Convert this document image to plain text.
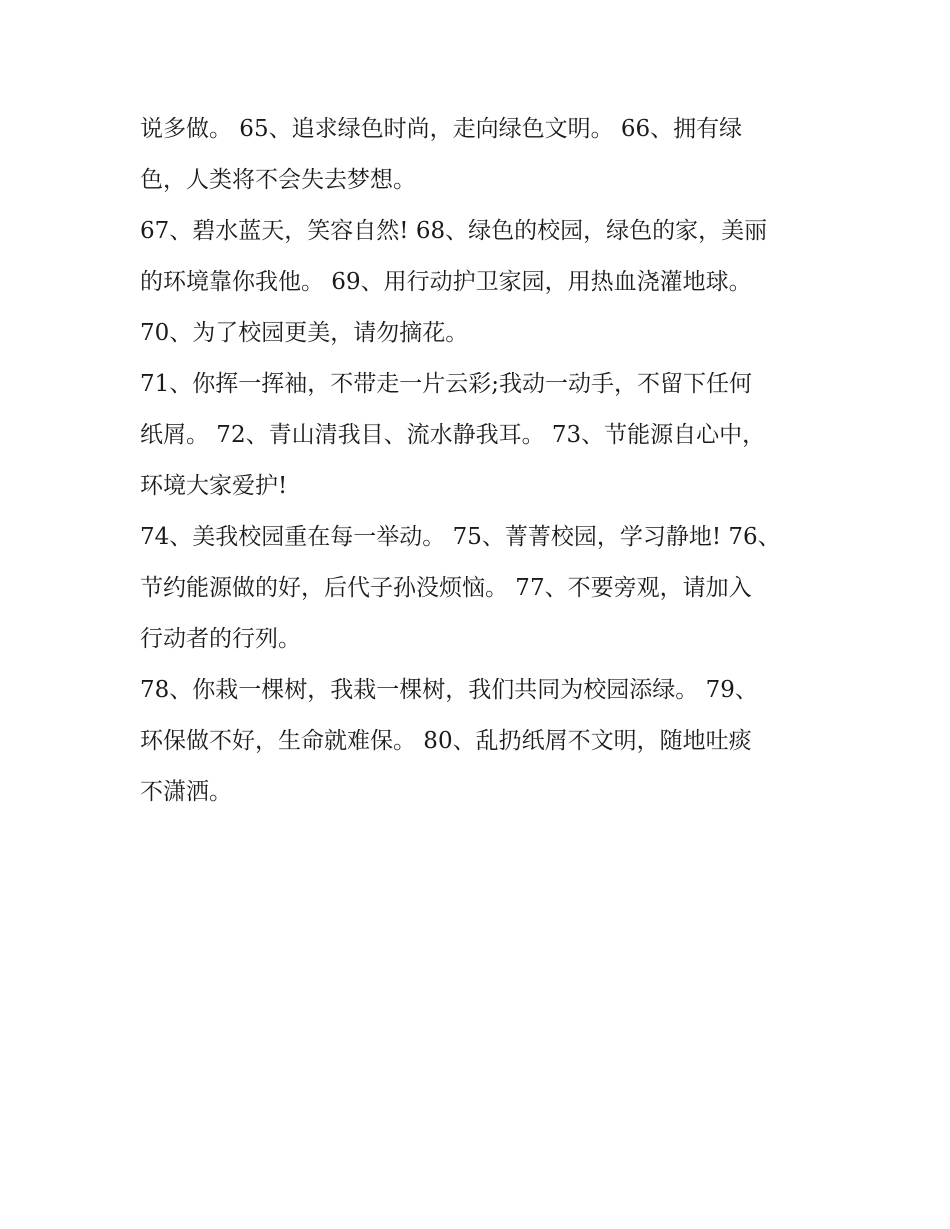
说多做。 65、追求绿色时尚，走向绿色文明。 66、拥有绿
色，人类将不会失去梦想。

67、碧水蓝天，笑容自然! 68、绿色的校园，绿色的家，美丽
的环境靠你我他。 69、用行动护卫家园，用热血浇灌地球。

70、为了校园更美，请勿摘花。

71、你挥一挥袖，不带走一片云彩;我动一动手，不留下任何
纸屑。 72、青山清我目、流水静我耳。 73、节能源自心中，
环境大家爱护!

74、美我校园重在每一举动。 75、菁菁校园，学习静地! 76、
节约能源做的好，后代子孙没烦恼。 77、不要旁观，请加入
行动者的行列。

78、你栽一棵树，我栽一棵树，我们共同为校园添绿。 79、
环保做不好，生命就难保。 80、乱扔纸屑不文明，随地吐痰
不潇洒。
